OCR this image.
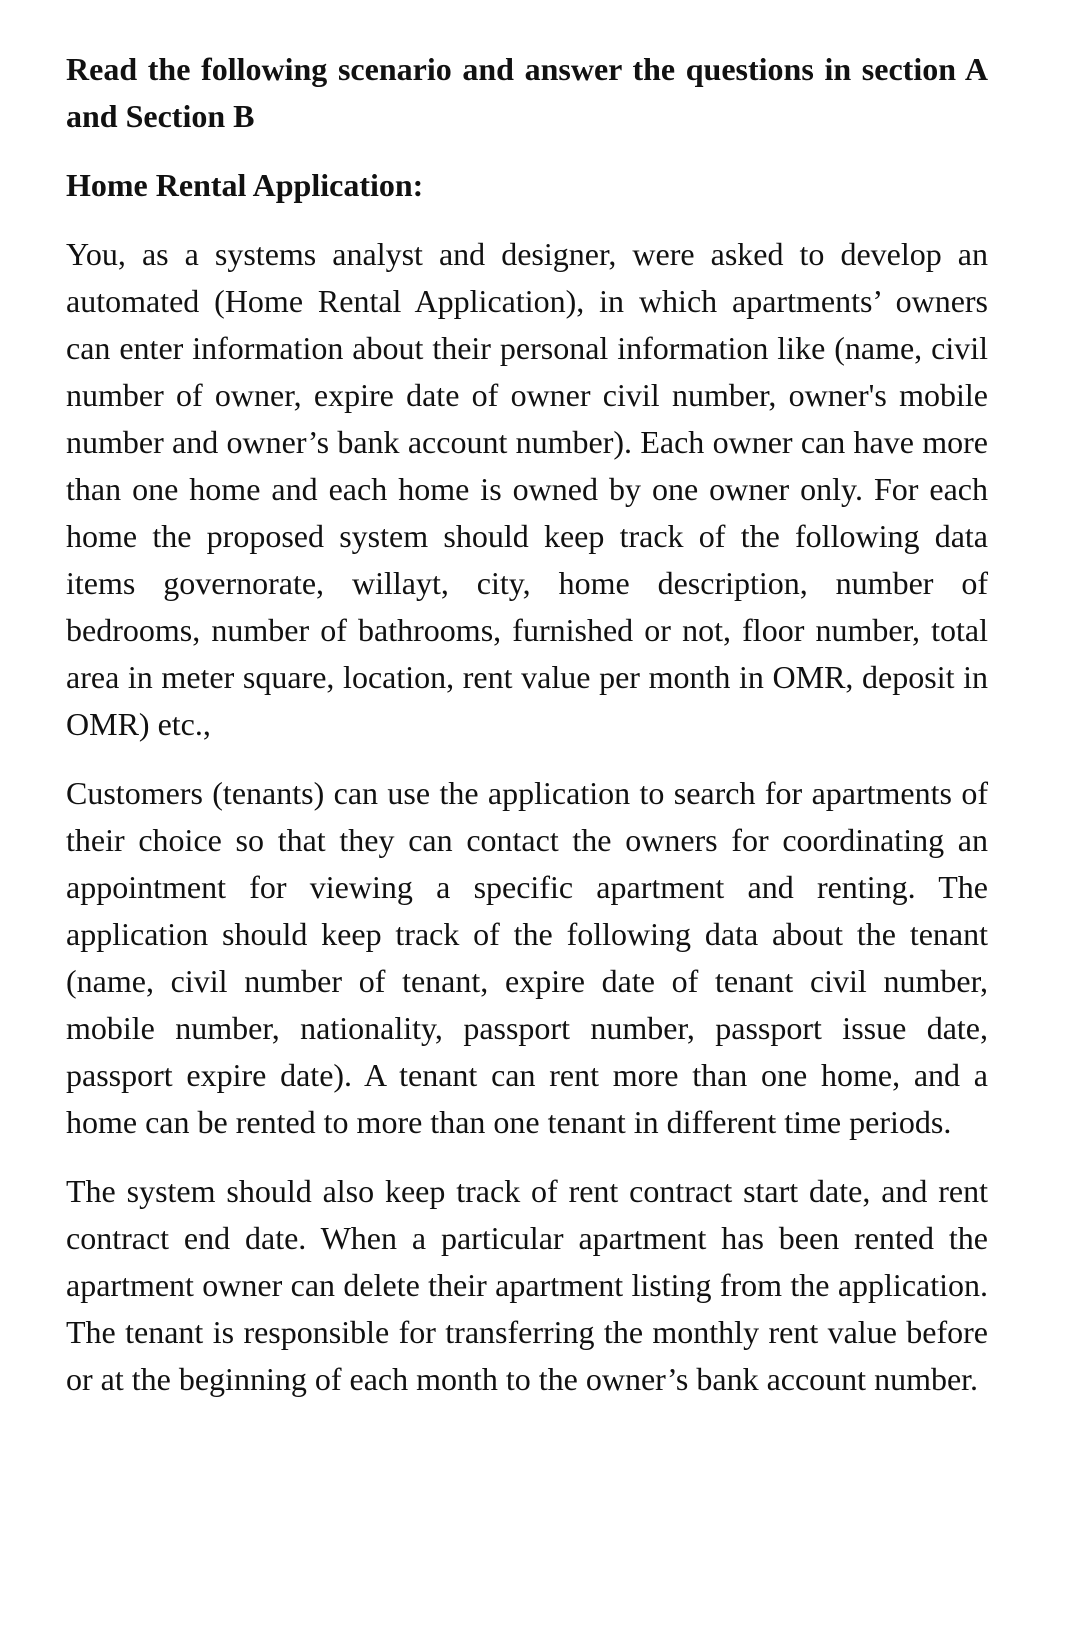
Read the following scenario and answer the questions in section A and Section B

Home Rental Application:

You, as a systems analyst and designer, were asked to develop an automated (Home Rental Application), in which apartments’ owners can enter information about their personal information like (name, civil number of owner, expire date of owner civil number, owner's mobile number and owner’s bank account number). Each owner can have more than one home and each home is owned by one owner only. For each home the proposed system should keep track of the following data items governorate, willayt, city, home description, number of bedrooms, number of bathrooms, furnished or not, floor number, total area in meter square, location, rent value per month in OMR, deposit in OMR) etc.,

Customers (tenants) can use the application to search for apartments of their choice so that they can contact the owners for coordinating an appointment for viewing a specific apartment and renting. The application should keep track of the following data about the tenant (name, civil number of tenant, expire date of tenant civil number, mobile number, nationality, passport number, passport issue date, passport expire date). A tenant can rent more than one home, and a home can be rented to more than one tenant in different time periods.

The system should also keep track of rent contract start date, and rent contract end date. When a particular apartment has been rented the apartment owner can delete their apartment listing from the application. The tenant is responsible for transferring the monthly rent value before or at the beginning of each month to the owner’s bank account number.
